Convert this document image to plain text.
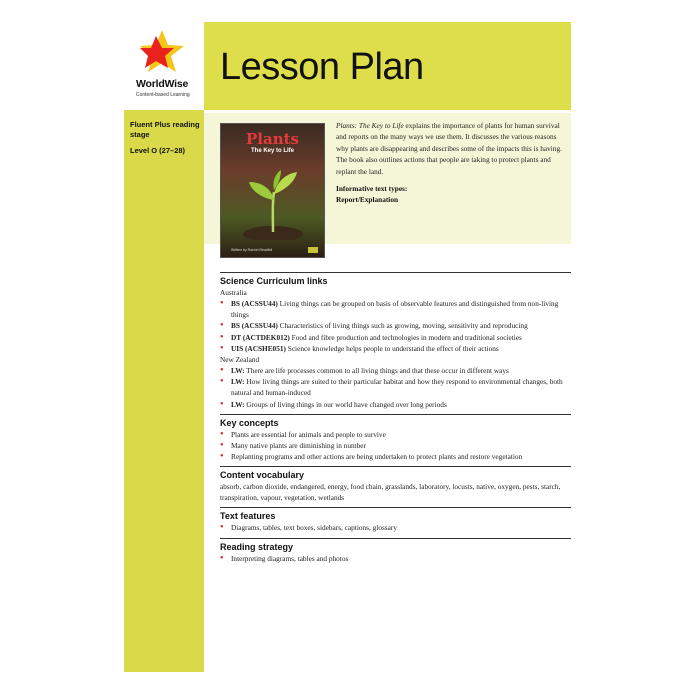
WorldWise
Content-based Learning
Fluent Plus reading stage
Level O (27–28)
Lesson Plan
Plants
The Key to Life
Written by Rachel Readibil
Plants: The Key to Life explains the importance of plants for human survival and reports on the many ways we use them. It discusses the various reasons why plants are disappearing and describes some of the impacts this is having. The book also outlines actions that people are taking to protect plants and replant the land.
Informative text types:
Report/Explanation
Science Curriculum links
Australia
• BS (ACSSU44) Living things can be grouped on basis of observable features and distinguished from non-living things
• BS (ACSSU44) Characteristics of living things such as growing, moving, sensitivity and reproducing
• DT (ACTDEK012) Food and fibre production and technologies in modern and traditional societies
• UIS (ACSHE051) Science knowledge helps people to understand the effect of their actions
New Zealand
• LW: There are life processes common to all living things and that these occur in different ways
• LW: How living things are suited to their particular habitat and how they respond to environmental changes, both natural and human-induced
• LW: Groups of living things in our world have changed over long periods
Key concepts
• Plants are essential for animals and people to survive
• Many native plants are diminishing in number
• Replanting programs and other actions are being undertaken to protect plants and restore vegetation
Content vocabulary
absorb, carbon dioxide, endangered, energy, food chain, grasslands, laboratory, locusts, native, oxygen, pests, starch, transpiration, vapour, vegetation, wetlands
Text features
• Diagrams, tables, text boxes, sidebars, captions, glossary
Reading strategy
• Interpreting diagrams, tables and photos
